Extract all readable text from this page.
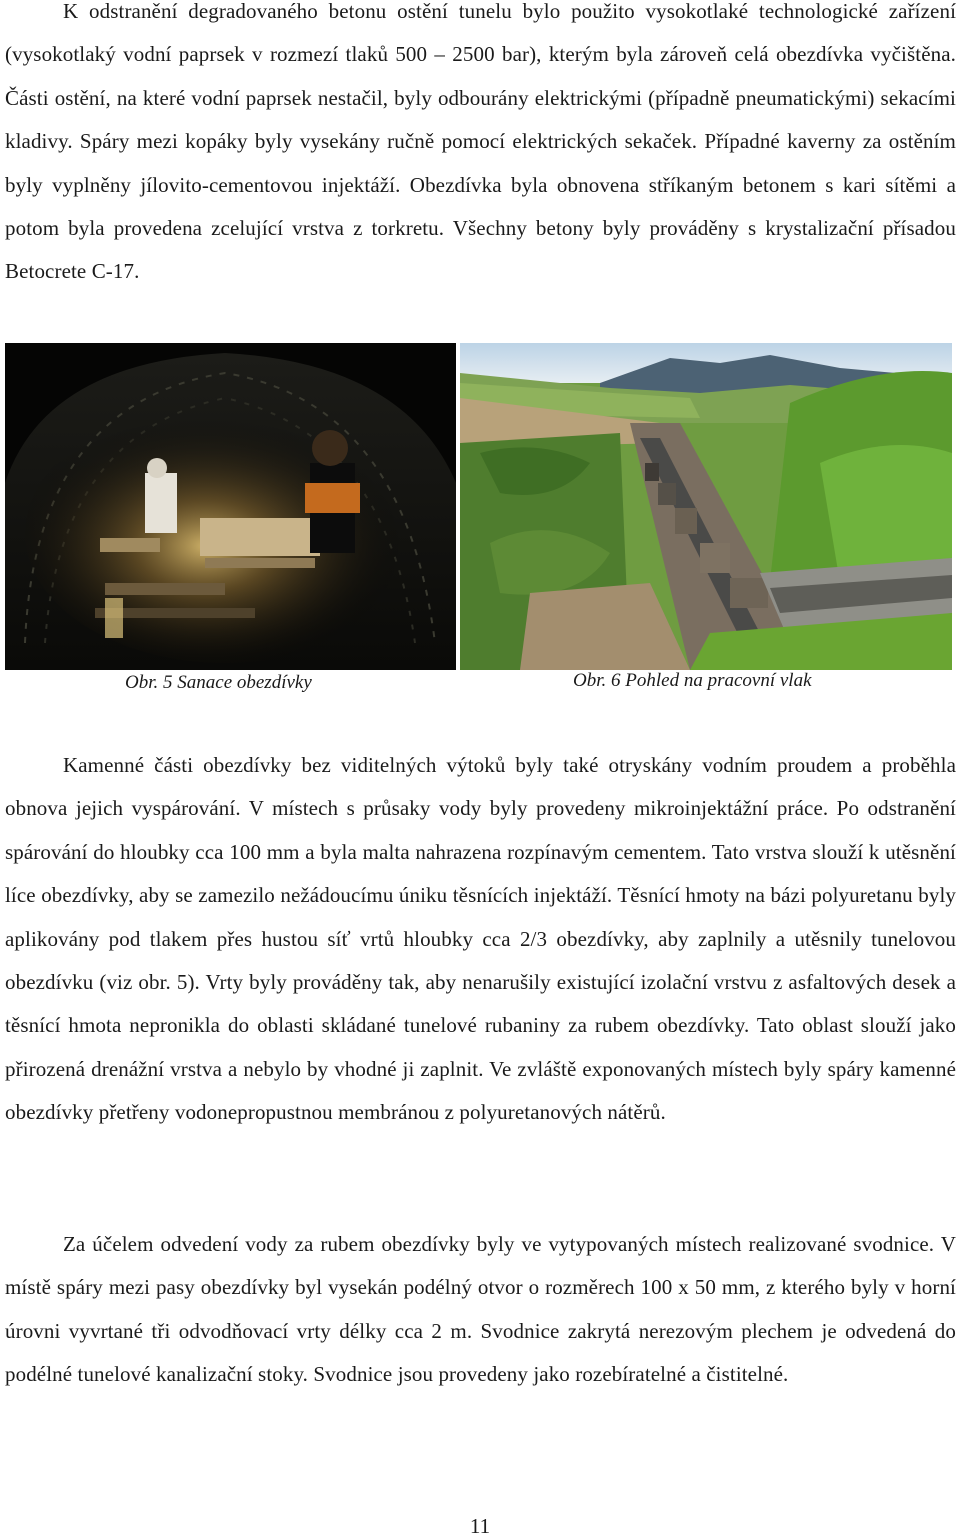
K odstranění degradovaného betonu ostění tunelu bylo použito vysokotlaké technologické zařízení (vysokotlaký vodní paprsek v rozmezí tlaků 500 – 2500 bar), kterým byla zároveň celá obezdívka vyčištěna. Části ostění, na které vodní paprsek nestačil, byly odbourány elektrickými (případně pneumatickými) sekacími kladivy. Spáry mezi kopáky byly vysekány ručně pomocí elektrických sekaček. Případné kaverny za ostěním byly vyplněny jílovito-cementovou injektáží. Obezdívka byla obnovena stříkaným betonem s kari sítěmi a potom byla provedena zcelující vrstva z torkretu. Všechny betony byly prováděny s krystalizační přísadou Betocrete C-17.

Obr. 5 Sanace obezdívky	Obr. 6 Pohled na pracovní vlak

Kamenné části obezdívky bez viditelných výtoků byly také otryskány vodním proudem a proběhla obnova jejich vyspárování. V místech s průsaky vody byly provedeny mikroinjektážní práce. Po odstranění spárování do hloubky cca 100 mm a byla malta nahrazena rozpínavým cementem. Tato vrstva slouží k utěsnění líce obezdívky, aby se zamezilo nežádoucímu úniku těsnících injektáží. Těsnící hmoty na bázi polyuretanu byly aplikovány pod tlakem přes hustou síť vrtů hloubky cca 2/3 obezdívky, aby zaplnily a utěsnily tunelovou obezdívku (viz obr. 5). Vrty byly prováděny tak, aby nenarušily existující izolační vrstvu z asfaltových desek a těsnící hmota nepronikla do oblasti skládané tunelové rubaniny za rubem obezdívky. Tato oblast slouží jako přirozená drenážní vrstva a nebylo by vhodné ji zaplnit. Ve zvláště exponovaných místech byly spáry kamenné obezdívky přetřeny vodonepropustnou membránou z polyuretanových nátěrů.

Za účelem odvedení vody za rubem obezdívky byly ve vytypovaných místech realizované svodnice. V místě spáry mezi pasy obezdívky byl vysekán podélný otvor o rozměrech 100 x 50 mm, z kterého byly v horní úrovni vyvrtané tři odvodňovací vrty délky cca 2 m. Svodnice zakrytá nerezovým plechem je odvedená do podélné tunelové kanalizační stoky. Svodnice jsou provedeny jako rozebíratelné a čistitelné.

11
